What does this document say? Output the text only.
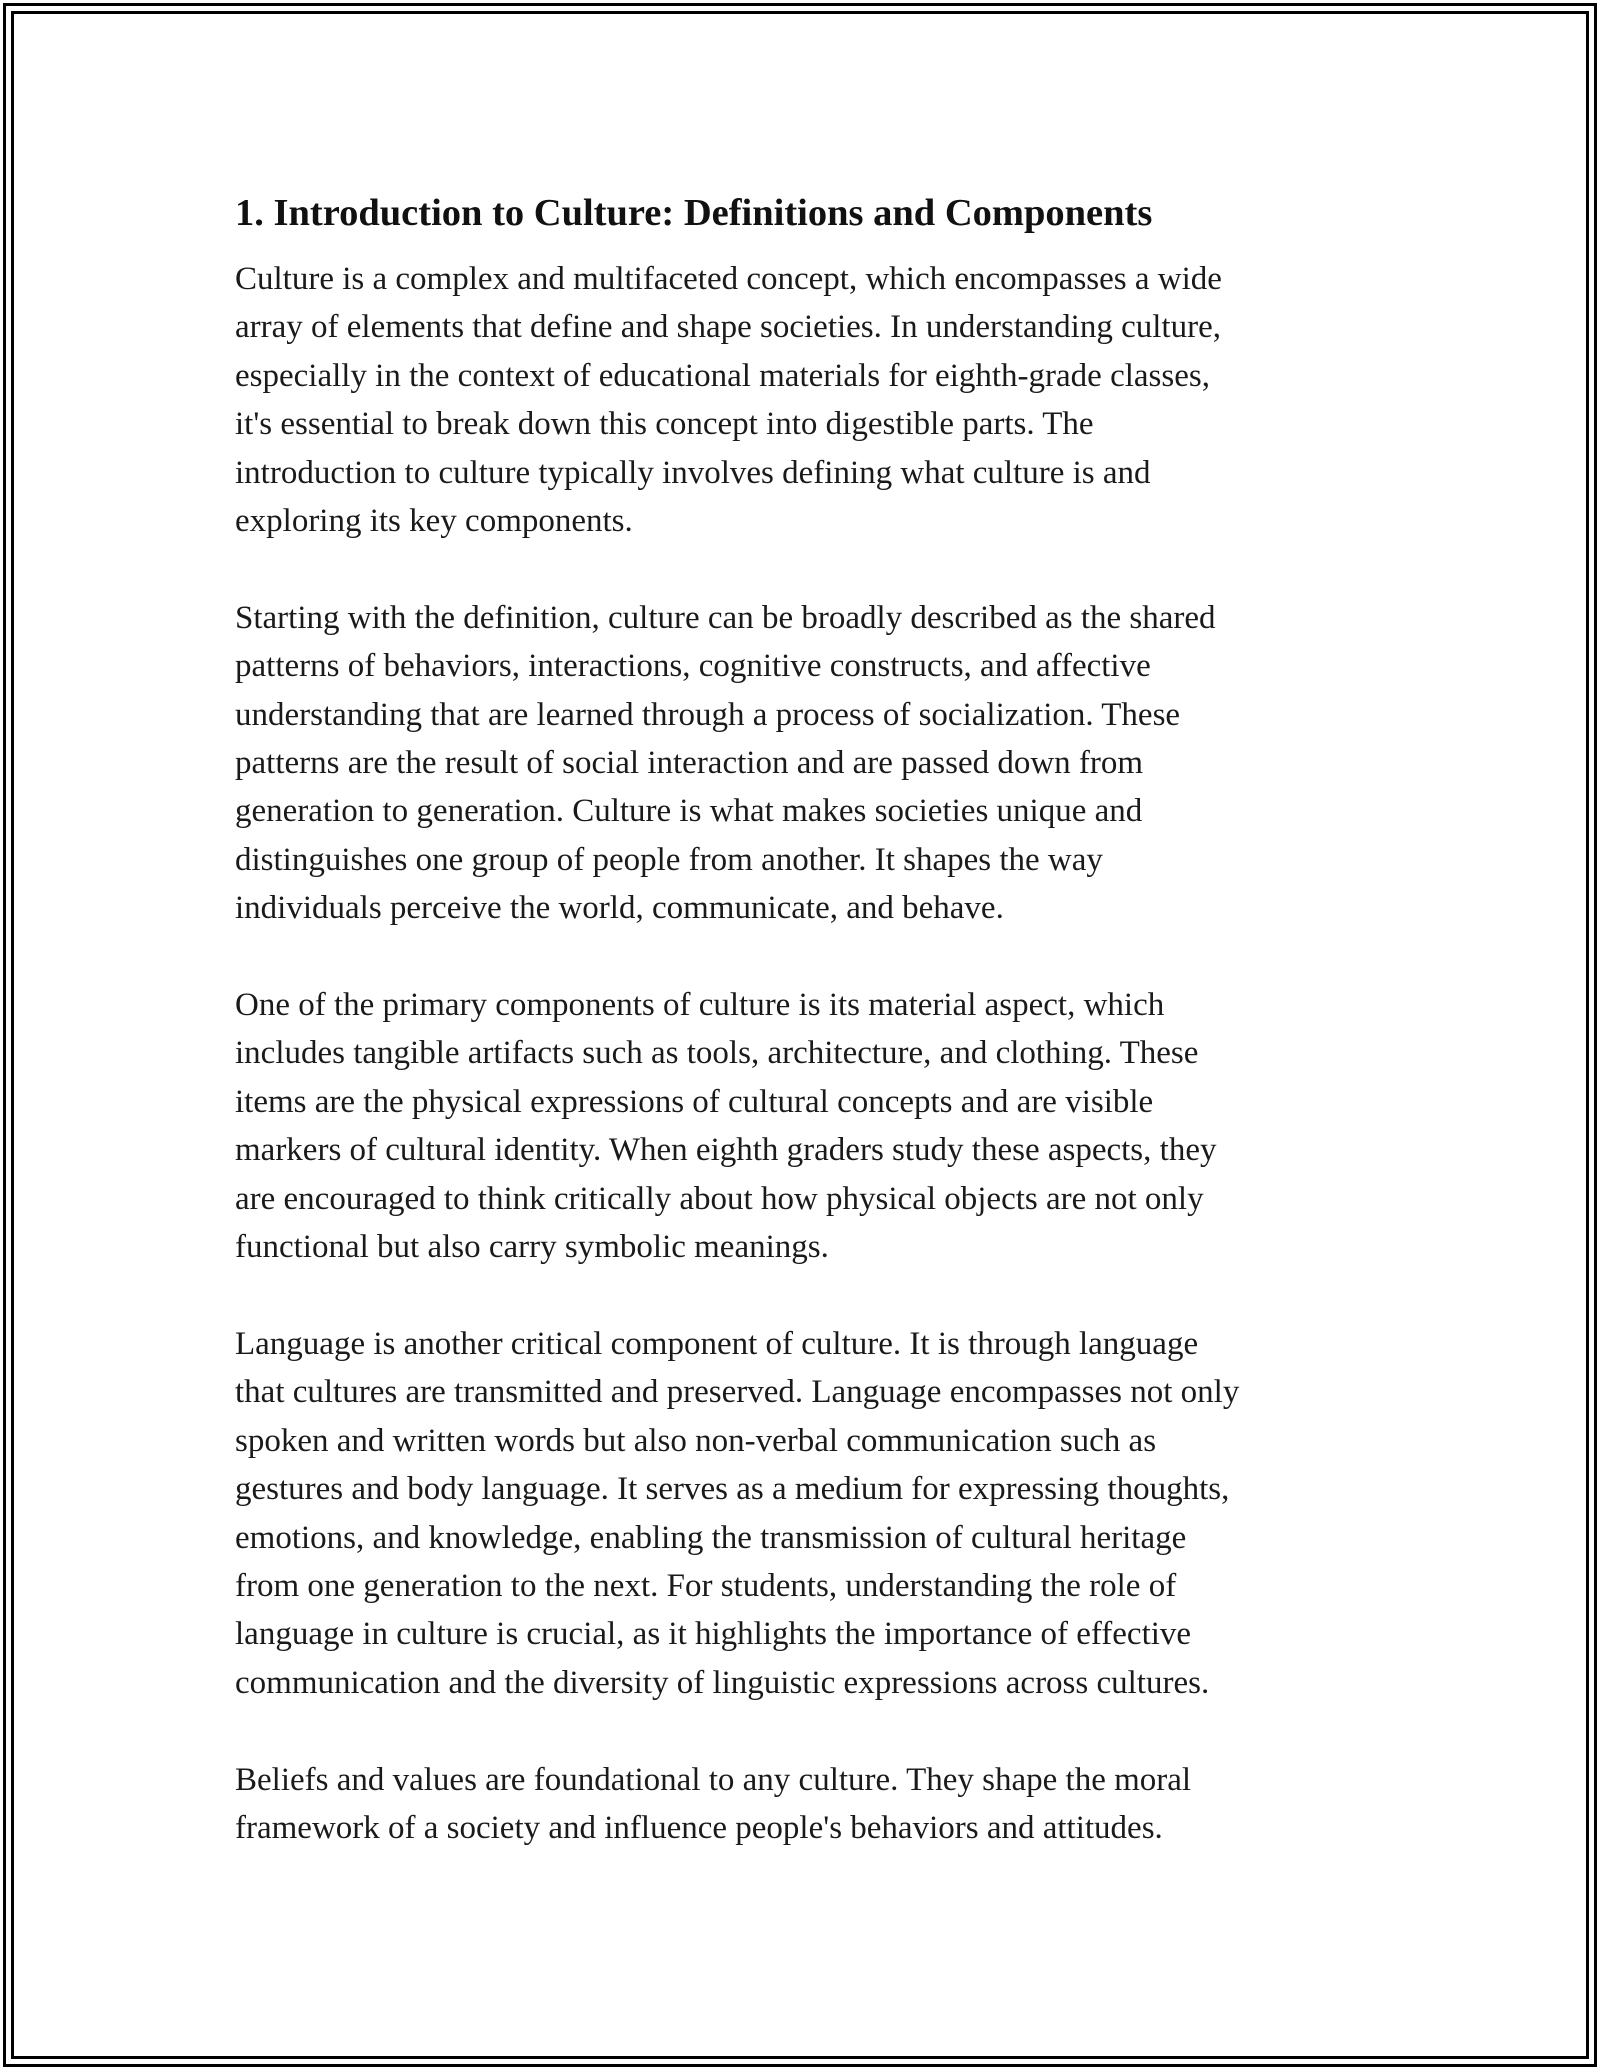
1. Introduction to Culture: Definitions and Components

Culture is a complex and multifaceted concept, which encompasses a wide
array of elements that define and shape societies. In understanding culture,
especially in the context of educational materials for eighth-grade classes,
it's essential to break down this concept into digestible parts. The
introduction to culture typically involves defining what culture is and
exploring its key components.

Starting with the definition, culture can be broadly described as the shared
patterns of behaviors, interactions, cognitive constructs, and affective
understanding that are learned through a process of socialization. These
patterns are the result of social interaction and are passed down from
generation to generation. Culture is what makes societies unique and
distinguishes one group of people from another. It shapes the way
individuals perceive the world, communicate, and behave.

One of the primary components of culture is its material aspect, which
includes tangible artifacts such as tools, architecture, and clothing. These
items are the physical expressions of cultural concepts and are visible
markers of cultural identity. When eighth graders study these aspects, they
are encouraged to think critically about how physical objects are not only
functional but also carry symbolic meanings.

Language is another critical component of culture. It is through language
that cultures are transmitted and preserved. Language encompasses not only
spoken and written words but also non-verbal communication such as
gestures and body language. It serves as a medium for expressing thoughts,
emotions, and knowledge, enabling the transmission of cultural heritage
from one generation to the next. For students, understanding the role of
language in culture is crucial, as it highlights the importance of effective
communication and the diversity of linguistic expressions across cultures.

Beliefs and values are foundational to any culture. They shape the moral
framework of a society and influence people's behaviors and attitudes.
